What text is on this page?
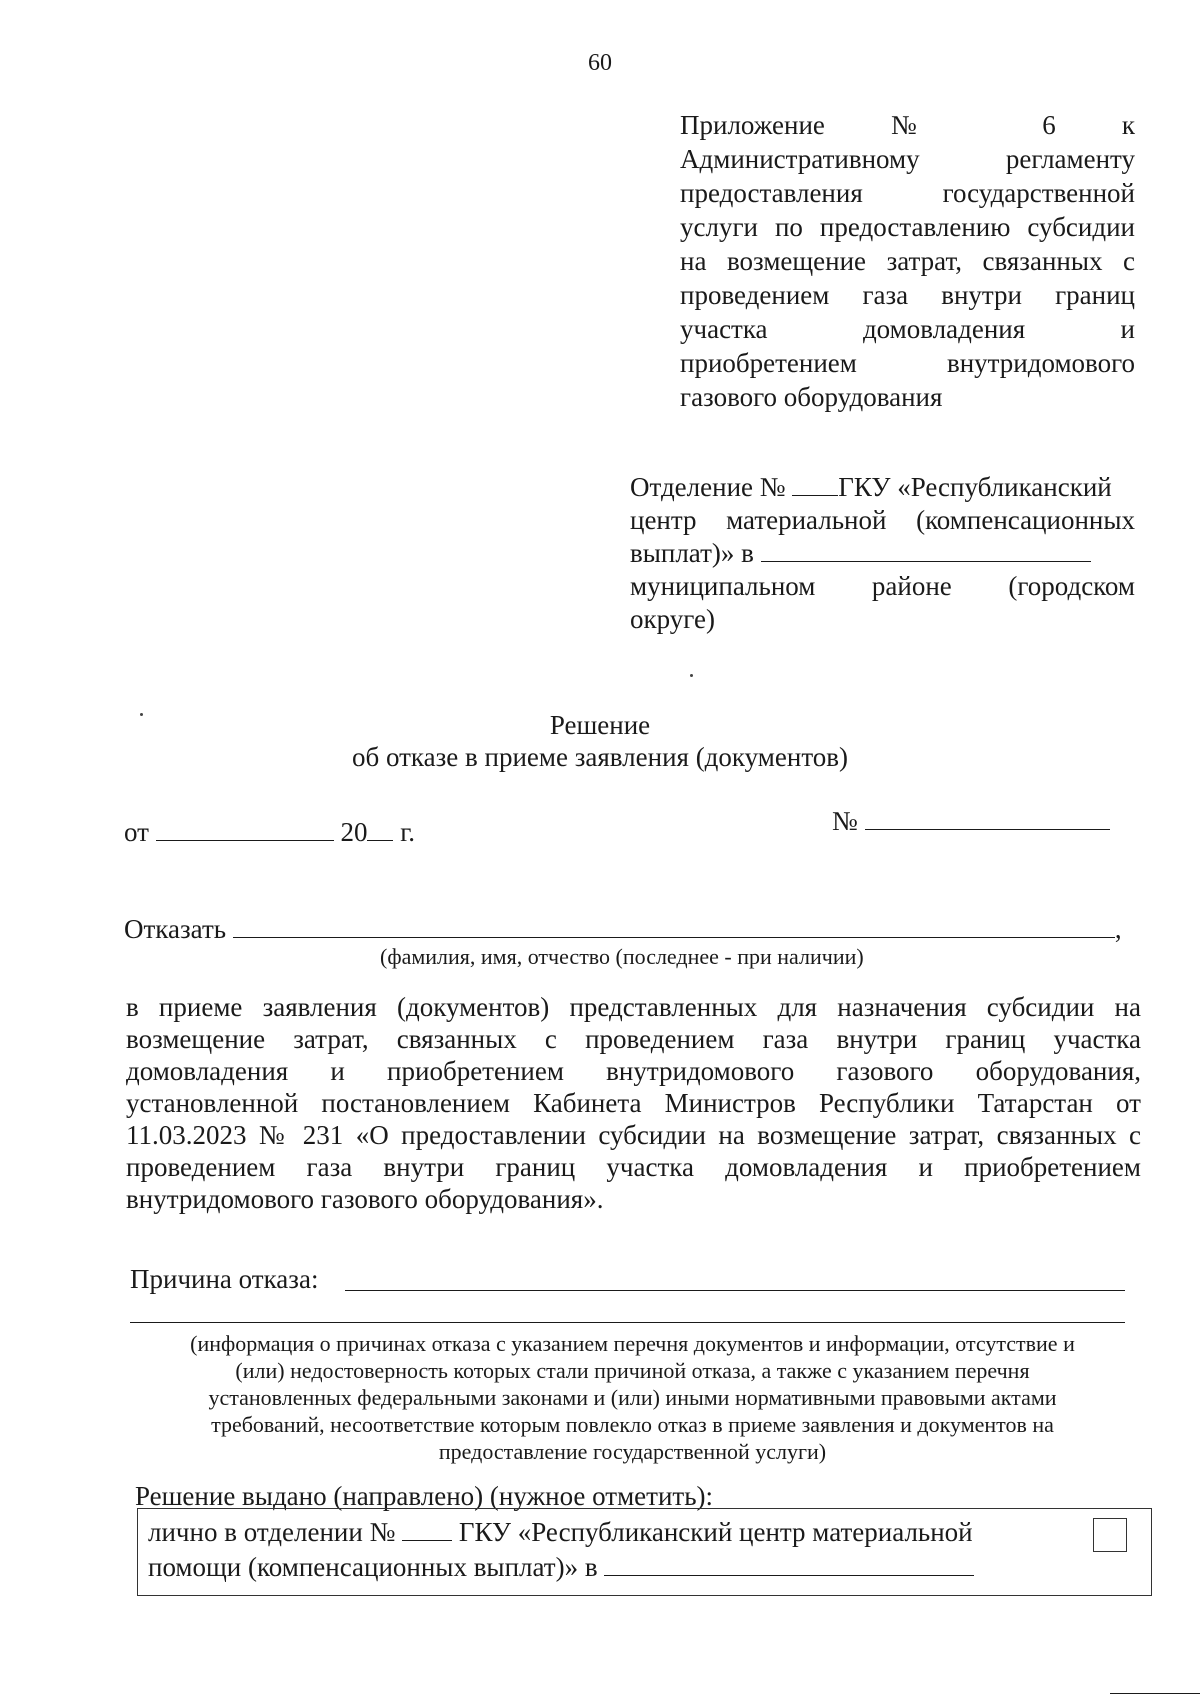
60
Приложение № 6 к
Административному регламенту
предоставления государственной
услуги по предоставлению субсидии
на возмещение затрат, связанных с
проведением газа внутри границ
участка домовладения и
приобретением внутридомового
газового оборудования
Отделение № ГКУ «Республиканский
центр материальной (компенсационных
выплат)» в
муниципальном районе (городском
округе)
Решение
об отказе в приеме заявления (документов)
от	20 г.	№
Отказать	,
(фамилия, имя, отчество (последнее - при наличии)
в приеме заявления (документов) представленных для назначения субсидии на
возмещение затрат, связанных с проведением газа внутри границ участка
домовладения и приобретением внутридомового газового оборудования,
установленной постановлением Кабинета Министров Республики Татарстан от
11.03.2023 № 231 «О предоставлении субсидии на возмещение затрат, связанных с
проведением газа внутри границ участка домовладения и приобретением
внутридомового газового оборудования».
Причина отказа:
(информация о причинах отказа с указанием перечня документов и информации, отсутствие и
(или) недостоверность которых стали причиной отказа, а также с указанием перечня
установленных федеральными законами и (или) иными нормативными правовыми актами
требований, несоответствие которым повлекло отказ в приеме заявления и документов на
предоставление государственной услуги)
Решение выдано (направлено) (нужное отметить):
лично в отделении № ГКУ «Республиканский центр материальной
помощи (компенсационных выплат)» в
